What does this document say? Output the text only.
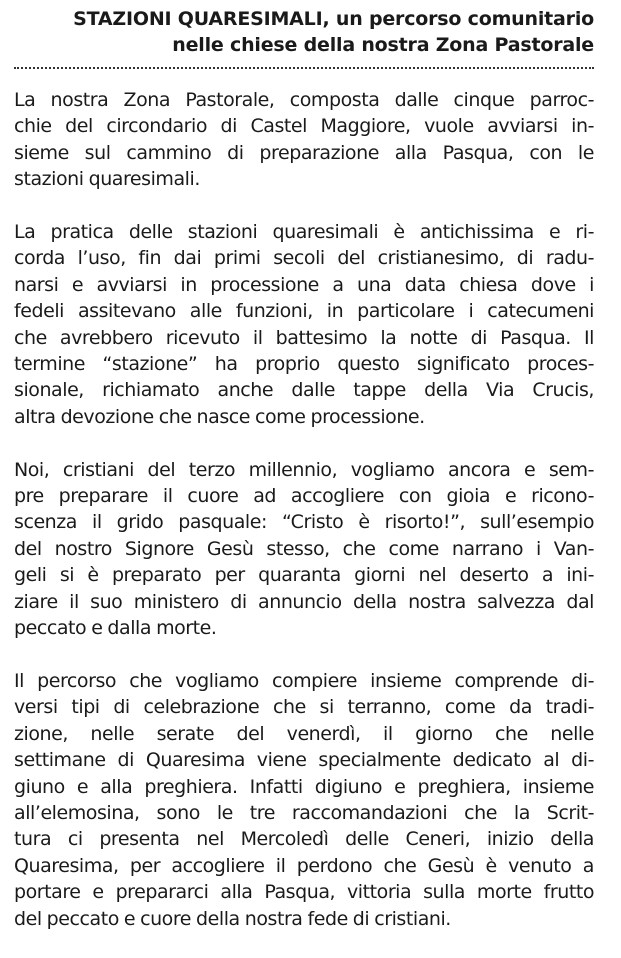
STAZIONI QUARESIMALI, un percorso comunitario
nelle chiese della nostra Zona Pastorale

La nostra Zona Pastorale, composta dalle cinque parroc-
chie del circondario di Castel Maggiore, vuole avviarsi in-
sieme sul cammino di preparazione alla Pasqua, con le
stazioni quaresimali.

La pratica delle stazioni quaresimali è antichissima e ri-
corda l’uso, fin dai primi secoli del cristianesimo, di radu-
narsi e avviarsi in processione a una data chiesa dove i
fedeli assitevano alle funzioni, in particolare i catecumeni
che avrebbero ricevuto il battesimo la notte di Pasqua. Il
termine “stazione” ha proprio questo significato proces-
sionale, richiamato anche dalle tappe della Via Crucis,
altra devozione che nasce come processione.

Noi, cristiani del terzo millennio, vogliamo ancora e sem-
pre preparare il cuore ad accogliere con gioia e ricono-
scenza il grido pasquale: “Cristo è risorto!”, sull’esempio
del nostro Signore Gesù stesso, che come narrano i Van-
geli si è preparato per quaranta giorni nel deserto a ini-
ziare il suo ministero di annuncio della nostra salvezza dal
peccato e dalla morte.

Il percorso che vogliamo compiere insieme comprende di-
versi tipi di celebrazione che si terranno, come da tradi-
zione, nelle serate del venerdì, il giorno che nelle
settimane di Quaresima viene specialmente dedicato al di-
giuno e alla preghiera. Infatti digiuno e preghiera, insieme
all’elemosina, sono le tre raccomandazioni che la Scrit-
tura ci presenta nel Mercoledì delle Ceneri, inizio della
Quaresima, per accogliere il perdono che Gesù è venuto a
portare e prepararci alla Pasqua, vittoria sulla morte frutto
del peccato e cuore della nostra fede di cristiani.
